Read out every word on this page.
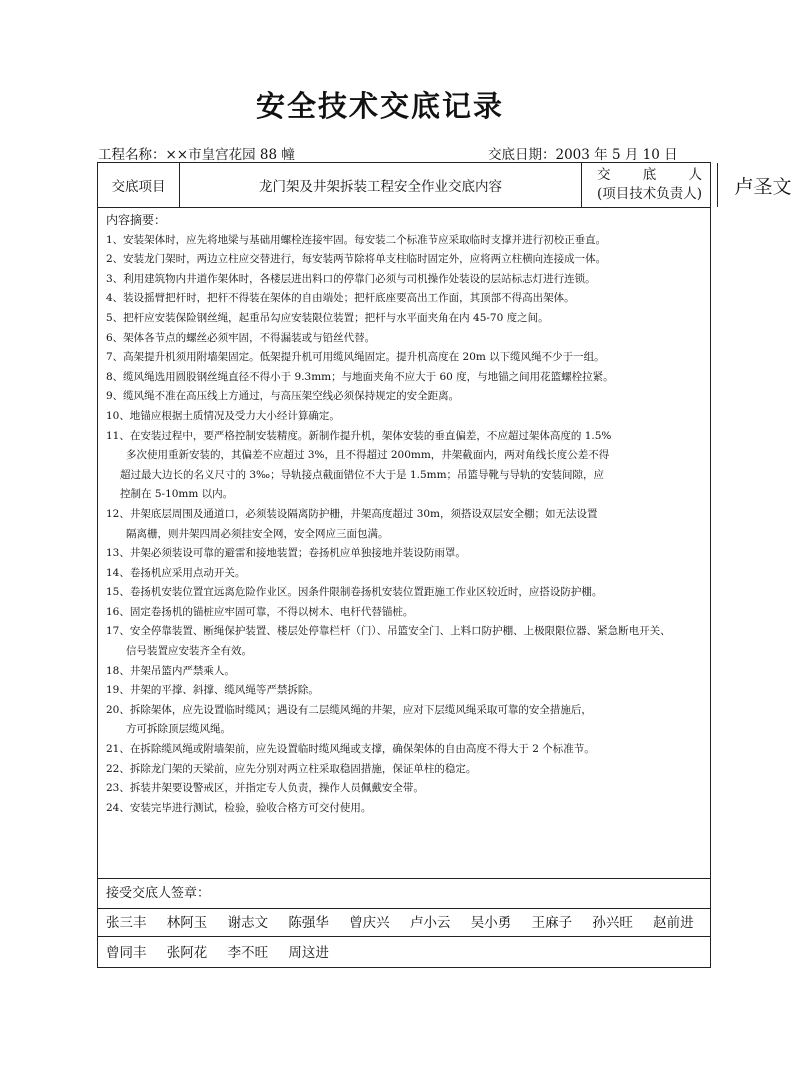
安全技术交底记录
工程名称：××市皇宫花园 88 幢	交底日期：2003 年 5 月 10 日
交底项目	龙门架及井架拆装工程安全作业交底内容
交 底 人
(项目技术负责人)	卢圣文
内容摘要：
1、安装架体时，应先将地梁与基础用螺栓连接牢固。每安装二个标准节应采取临时支撑并进行初校正垂直。
2、安装龙门架时，两边立柱应交替进行，每安装两节除将单支柱临时固定外，应将两立柱横向连接成一体。
3、利用建筑物内井道作架体时，各楼层进出料口的停靠门必须与司机操作处装设的层站标志灯进行连锁。
4、装设摇臂把杆时，把杆不得装在架体的自由端处；把杆底座要高出工作面，其顶部不得高出架体。
5、把杆应安装保险钢丝绳，起重吊勾应安装限位装置；把杆与水平面夹角在内 45-70 度之间。
6、架体各节点的螺丝必须牢固，不得漏装或与铅丝代替。
7、高架提升机须用附墙架固定。低架提升机可用缆风绳固定。提升机高度在 20m 以下缆风绳不少于一组。
8、缆风绳选用圆股钢丝绳直径不得小于 9.3mm；与地面夹角不应大于 60 度，与地锚之间用花篮螺栓拉紧。
9、缆风绳不准在高压线上方通过，与高压架空线必须保持规定的安全距离。
10、地锚应根据土质情况及受力大小经计算确定。
11、在安装过程中，要严格控制安装精度。新制作提升机，架体安装的垂直偏差，不应超过架体高度的 1.5%
多次使用重新安装的，其偏差不应超过 3%，且不得超过 200mm，井架截面内，两对角线长度公差不得
超过最大边长的名义尺寸的 3‰；导轨接点截面错位不大于是 1.5mm；吊篮导靴与导轨的安装间隙，应
控制在 5-10mm 以内。
12、井架底层周围及通道口，必须装设隔离防护栅，井架高度超过 30m，须搭设双层安全棚；如无法设置
隔离栅，则井架四周必须挂安全网，安全网应三面包满。
13、井架必须装设可靠的避雷和接地装置；卷扬机应单独接地并装设防雨罩。
14、卷扬机应采用点动开关。
15、卷扬机安装位置宜远离危险作业区。因条件限制卷扬机安装位置距施工作业区较近时，应搭设防护棚。
16、固定卷扬机的锚桩应牢固可靠，不得以树木、电杆代替锚桩。
17、安全停靠装置、断绳保护装置、楼层处停靠栏杆（门）、吊篮安全门、上料口防护棚、上极限限位器、紧急断电开关、
信号装置应安装齐全有效。
18、井架吊篮内严禁乘人。
19、井架的平撑、斜撑、缆风绳等严禁拆除。
20、拆除架体，应先设置临时缆风；遇设有二层缆风绳的井架，应对下层缆风绳采取可靠的安全措施后，
方可拆除顶层缆风绳。
21、在拆除缆风绳或附墙架前，应先设置临时缆风绳或支撑，确保架体的自由高度不得大于 2 个标准节。
22、拆除龙门架的天梁前，应先分别对两立柱采取稳固措施，保证单柱的稳定。
23、拆装井架要设警戒区，并指定专人负责，操作人员佩戴安全带。
24、安装完毕进行测试，检验，验收合格方可交付使用。
接受交底人签章：
张三丰 林阿玉 谢志文 陈强华 曾庆兴 卢小云 吴小勇 王麻子 孙兴旺 赵前进
曾同丰 张阿花 李不旺 周这进
